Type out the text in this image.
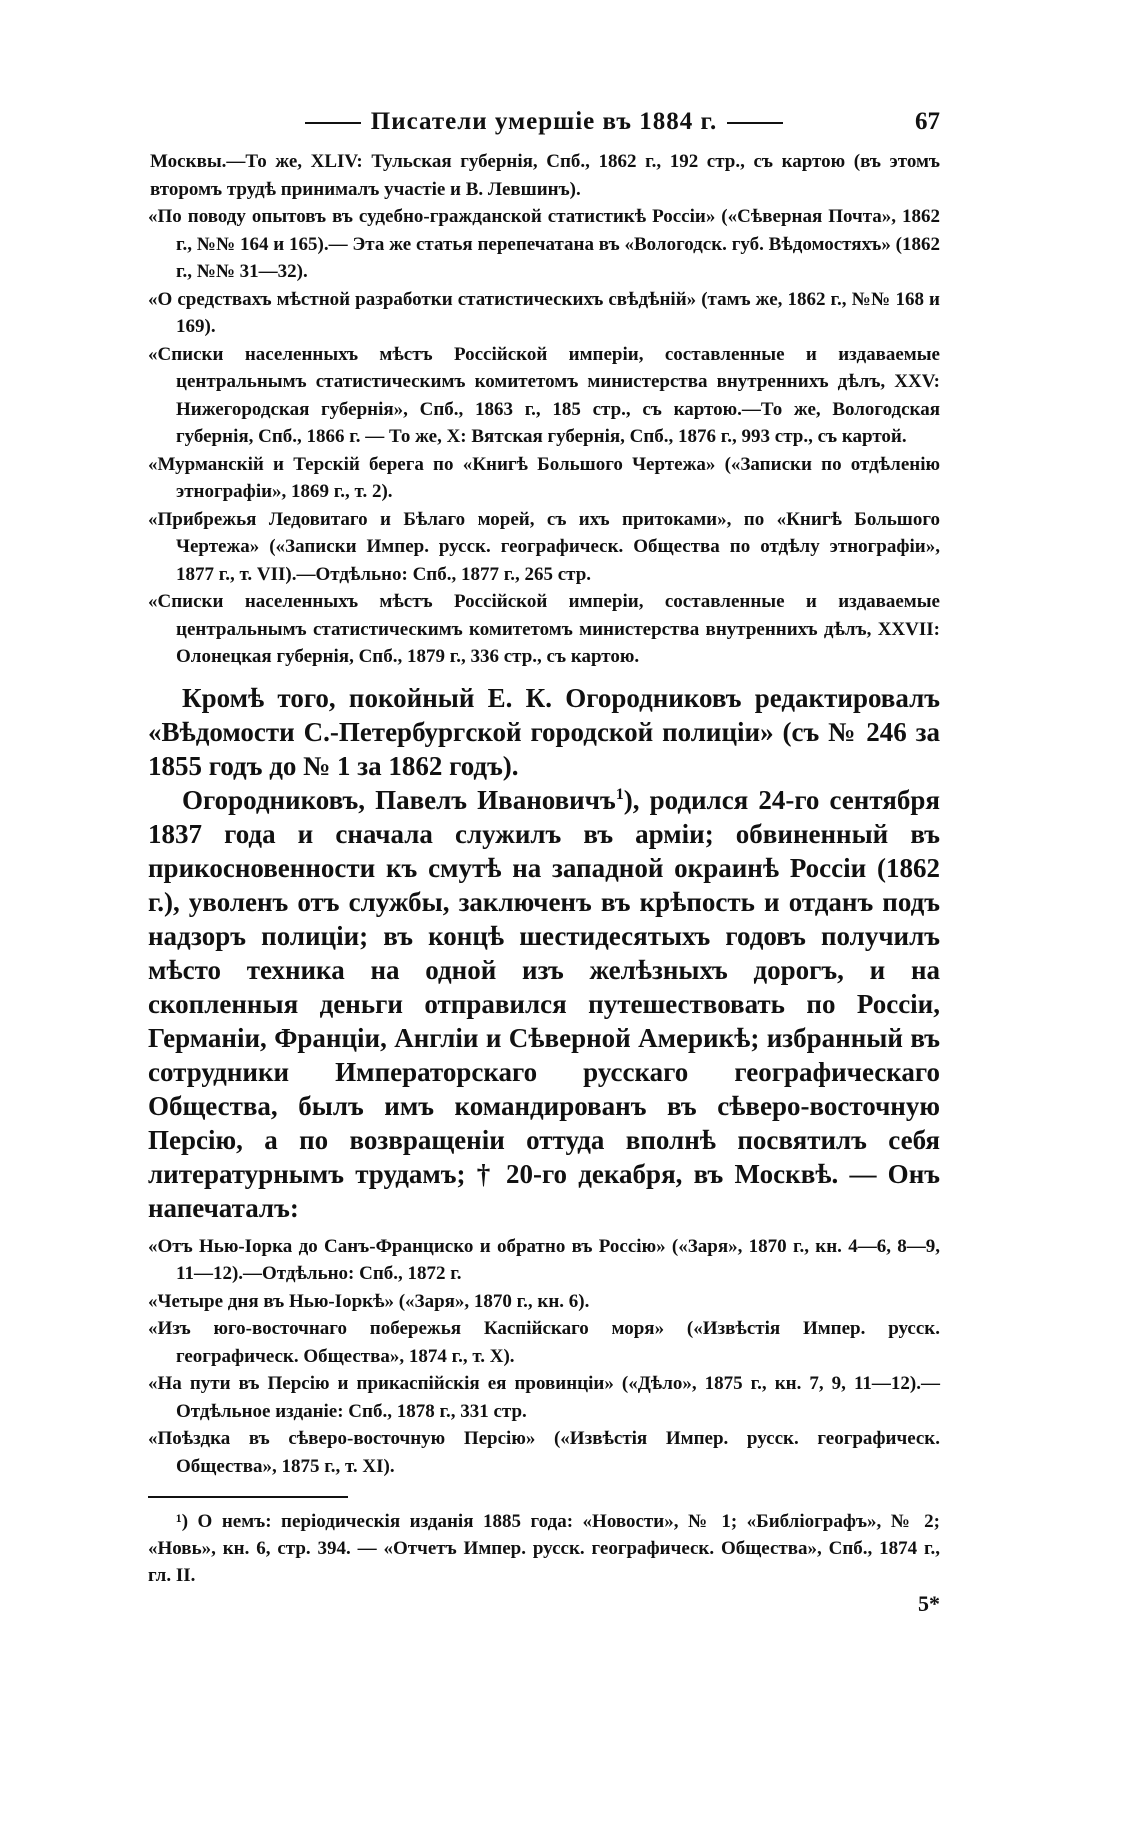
Писатели умершіе въ 1884 г.	67
Москвы.—То же, XLIV: Тульская губернія, Спб., 1862 г., 192 стр., съ картою (въ этомъ второмъ трудѣ принималъ участіе и В. Левшинъ).
«По поводу опытовъ въ судебно-гражданской статистикѣ Россіи» («Сѣверная Почта», 1862 г., №№ 164 и 165).— Эта же статья перепечатана въ «Вологодск. губ. Вѣдомостяхъ» (1862 г., №№ 31—32).
«О средствахъ мѣстной разработки статистическихъ свѣдѣній» (тамъ же, 1862 г., №№ 168 и 169).
«Списки населенныхъ мѣстъ Россійской имперіи, составленные и издаваемые центральнымъ статистическимъ комитетомъ министерства внутреннихъ дѣлъ, XXV: Нижегородская губернія», Спб., 1863 г., 185 стр., съ картою.—То же, Вологодская губернія, Спб., 1866 г. — То же, X: Вятская губернія, Спб., 1876 г., 993 стр., съ картой.
«Мурманскій и Терскій берега по «Книгѣ Большого Чертежа» («Записки по отдѣленію этнографіи», 1869 г., т. 2).
«Прибрежья Ледовитаго и Бѣлаго морей, съ ихъ притоками», по «Книгѣ Большого Чертежа» («Записки Импер. русск. географическ. Общества по отдѣлу этнографіи», 1877 г., т. VII).—Отдѣльно: Спб., 1877 г., 265 стр.
«Списки населенныхъ мѣстъ Россійской имперіи, составленные и издаваемые центральнымъ статистическимъ комитетомъ министерства внутреннихъ дѣлъ, XXVII: Олонецкая губернія, Спб., 1879 г., 336 стр., съ картою.

Кромѣ того, покойный Е. К. Огородниковъ редактировалъ «Вѣдомости С.-Петербургской городской полиціи» (съ № 246 за 1855 годъ до № 1 за 1862 годъ).

Огородниковъ, Павелъ Ивановичъ$^1$), родился 24-го сентября 1837 года и сначала служилъ въ арміи; обвиненный въ прикосновенности къ смутѣ на западной окраинѣ Россіи (1862 г.), уволенъ отъ службы, заключенъ въ крѣпость и отданъ подъ надзоръ полиціи; въ концѣ шестидесятыхъ годовъ получилъ мѣсто техника на одной изъ желѣзныхъ дорогъ, и на скопленныя деньги отправился путешествовать по Россіи, Германіи, Франціи, Англіи и Сѣверной Америкѣ; избранный въ сотрудники Императорскаго русскаго географическаго Общества, былъ имъ командированъ въ сѣверо-восточную Персію, а по возвращеніи оттуда вполнѣ посвятилъ себя литературнымъ трудамъ; † 20-го декабря, въ Москвѣ. — Онъ напечаталъ:

«Отъ Нью-Іорка до Санъ-Франциско и обратно въ Россію» («Заря», 1870 г., кн. 4—6, 8—9, 11—12).—Отдѣльно: Спб., 1872 г.
«Четыре дня въ Нью-Іоркѣ» («Заря», 1870 г., кн. 6).
«Изъ юго-восточнаго побережья Каспійскаго моря» («Извѣстія Импер. русск. географическ. Общества», 1874 г., т. X).
«На пути въ Персію и прикаспійскія ея провинціи» («Дѣло», 1875 г., кн. 7, 9, 11—12).—Отдѣльное изданіе: Спб., 1878 г., 331 стр.
«Поѣздка въ сѣверо-восточную Персію» («Извѣстія Импер. русск. географическ. Общества», 1875 г., т. XI).
¹) О немъ: періодическія изданія 1885 года: «Новости», № 1; «Библіографъ», № 2; «Новь», кн. 6, стр. 394. — «Отчетъ Импер. русск. географическ. Общества», Спб., 1874 г., гл. II.
5*
